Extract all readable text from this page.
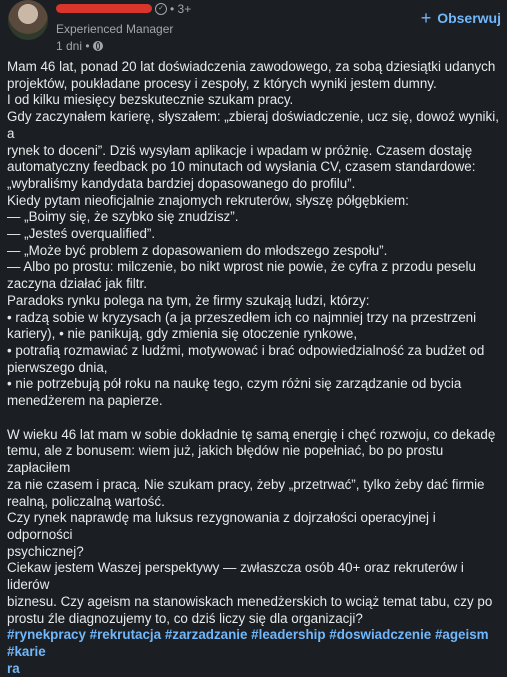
✓ • 3+
Experienced Manager
1 dni •
+ Obserwuj

Mam 46 lat, ponad 20 lat doświadczenia zawodowego, za sobą dziesiątki udanych

projektów, poukładane procesy i zespoły, z których wyniki jestem dumny.

I od kilku miesięcy bezskutecznie szukam pracy.

Gdy zaczynałem karierę, słyszałem: „zbieraj doświadczenie, ucz się, dowoź wyniki, a

rynek to doceni”. Dziś wysyłam aplikacje i wpadam w próżnię. Czasem dostaję

automatyczny feedback po 10 minutach od wysłania CV, czasem standardowe:

„wybraliśmy kandydata bardziej dopasowanego do profilu”.

Kiedy pytam nieoficjalnie znajomych rekruterów, słyszę półgębkiem:

— „Boimy się, że szybko się znudzisz”.

— „Jesteś overqualified”.

— „Może być problem z dopasowaniem do młodszego zespołu”.

— Albo po prostu: milczenie, bo nikt wprost nie powie, że cyfra z przodu peselu

zaczyna działać jak filtr.

Paradoks rynku polega na tym, że firmy szukają ludzi, którzy:

• radzą sobie w kryzysach (a ja przeszedłem ich co najmniej trzy na przestrzeni

kariery), • nie panikują, gdy zmienia się otoczenie rynkowe,

• potrafią rozmawiać z ludźmi, motywować i brać odpowiedzialność za budżet od

pierwszego dnia,

• nie potrzebują pół roku na naukę tego, czym różni się zarządzanie od bycia

menedżerem na papierze.

W wieku 46 lat mam w sobie dokładnie tę samą energię i chęć rozwoju, co dekadę

temu, ale z bonusem: wiem już, jakich błędów nie popełniać, bo po prostu zapłaciłem

za nie czasem i pracą. Nie szukam pracy, żeby „przetrwać”, tylko żeby dać firmie

realną, policzalną wartość.

Czy rynek naprawdę ma luksus rezygnowania z dojrzałości operacyjnej i odporności

psychicznej?

Ciekaw jestem Waszej perspektywy — zwłaszcza osób 40+ oraz rekruterów i liderów

biznesu. Czy ageism na stanowiskach menedżerskich to wciąż temat tabu, czy po

prostu źle diagnozujemy to, co dziś liczy się dla organizacji?

#rynekpracy #rekrutacja #zarzadzanie #leadership #doswiadczenie #ageism #karie

ra
